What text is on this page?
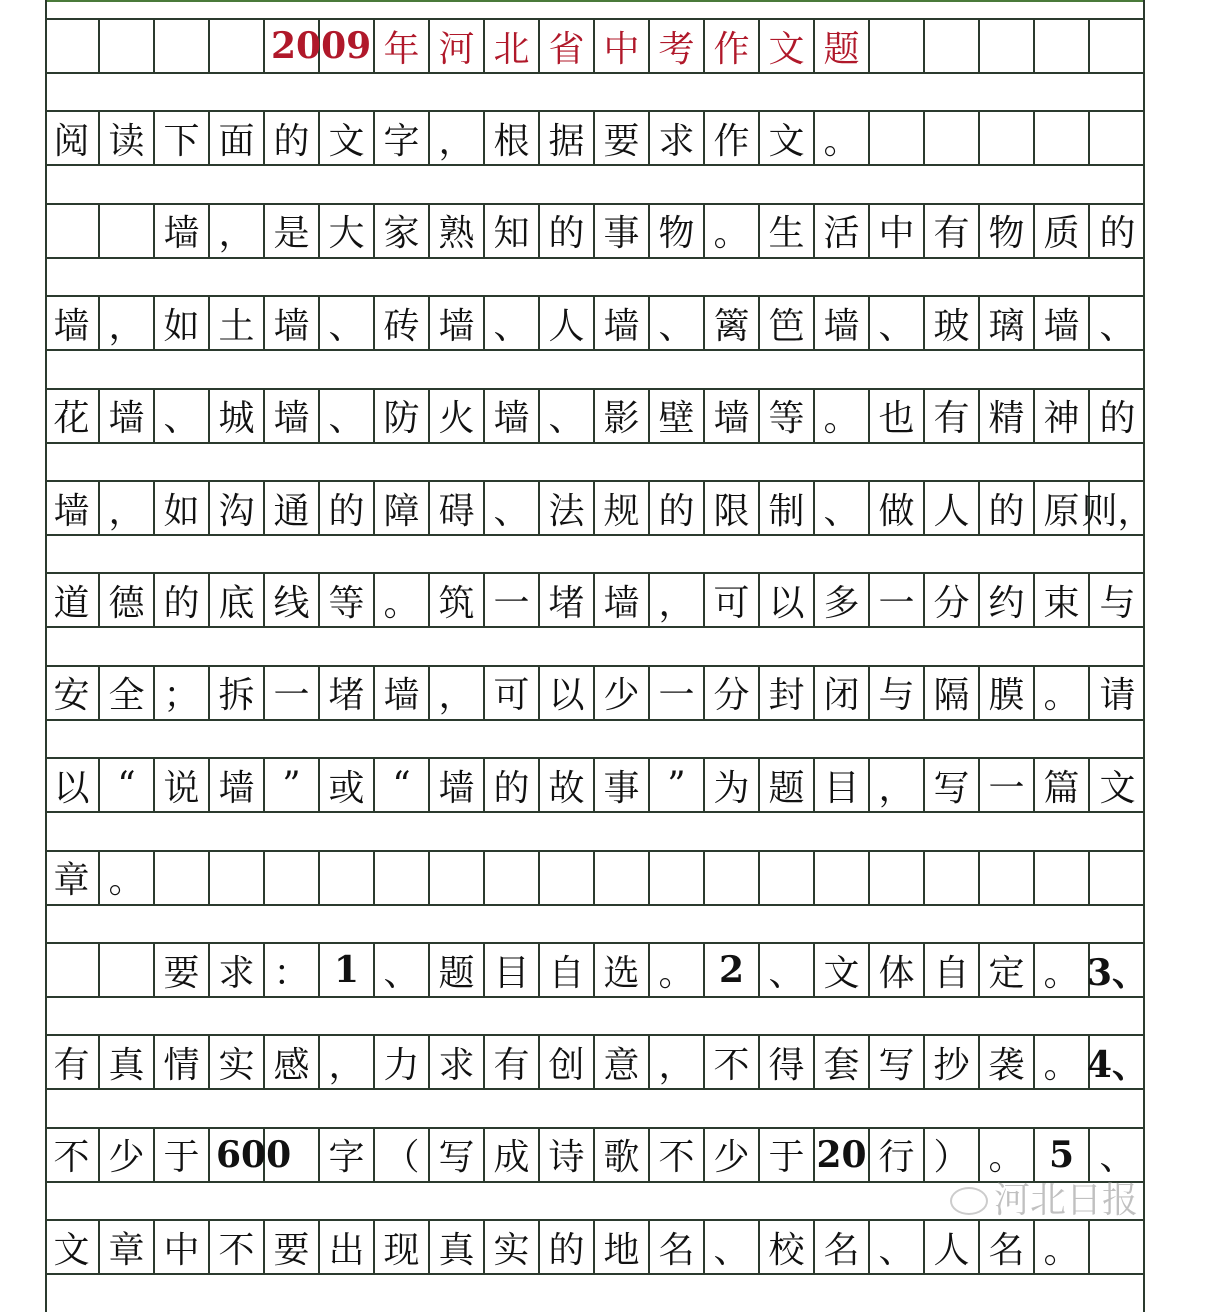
2009 年 河 北 省 中 考 作 文 题
阅 读 下 面 的 文 字 ， 根 据 要 求 作 文 。
墙 ， 是 大 家 熟 知 的 事 物 。 生 活 中 有 物 质 的
墙 ， 如 土 墙 、 砖 墙 、 人 墙 、 篱 笆 墙 、 玻 璃 墙 、
花 墙 、 城 墙 、 防 火 墙 、 影 壁 墙 等 。 也 有 精 神 的
墙 ， 如 沟 通 的 障 碍 、 法 规 的 限 制 、 做 人 的 原 则，
道 德 的 底 线 等 。 筑 一 堵 墙 ， 可 以 多 一 分 约 束 与
安 全 ； 拆 一 堵 墙 ， 可 以 少 一 分 封 闭 与 隔 膜 。 请
以 “ 说 墙 ” 或 “ 墙 的 故 事 ” 为 题 目 ， 写 一 篇 文
章 。
要 求 ： 1 、 题 目 自 选 。 2 、 文 体 自 定 。 3、
有 真 情 实 感 ， 力 求 有 创 意 ， 不 得 套 写 抄 袭 。 4、
不 少 于 600 字 （ 写 成 诗 歌 不 少 于 20 行 ） 。 5 、
文 章 中 不 要 出 现 真 实 的 地 名 、 校 名 、 人 名 。
河北日报
